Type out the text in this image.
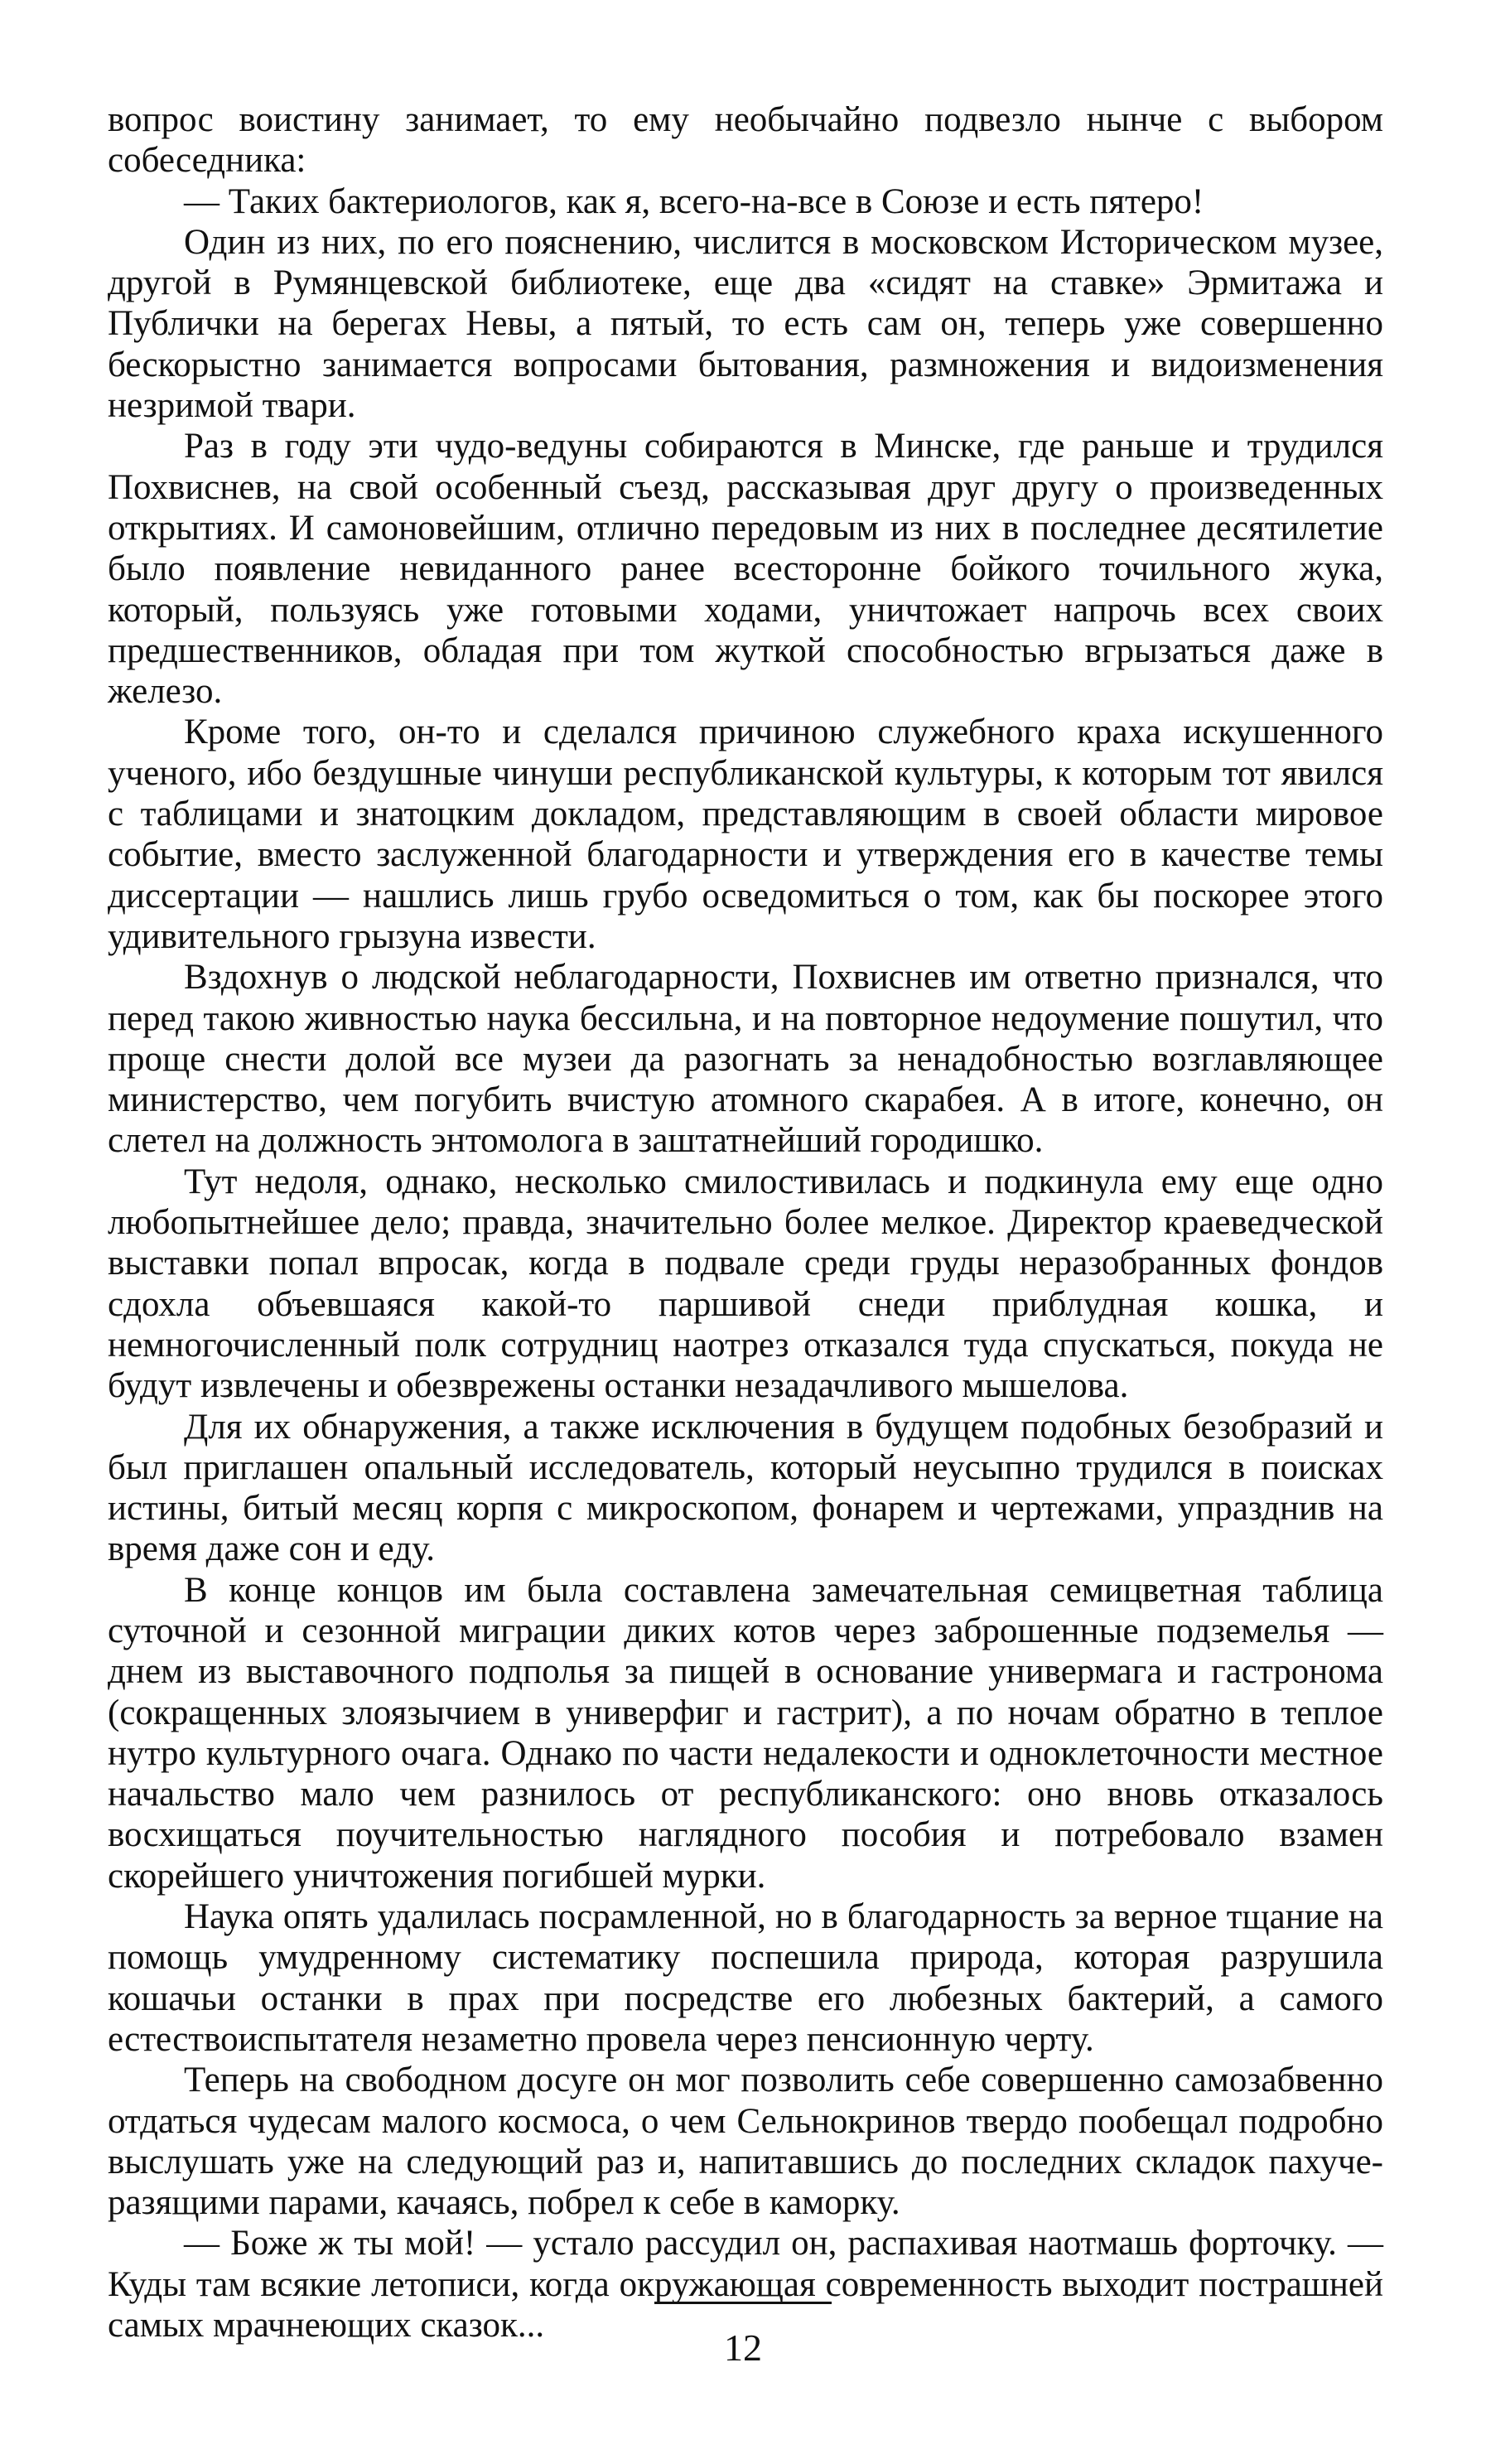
вопрос воистину занимает, то ему необычайно подвезло нынче с выбором собеседника:

— Таких бактериологов, как я, всего-на-все в Союзе и есть пятеро!

Один из них, по его пояснению, числится в московском Историческом музее, другой в Румянцевской библиотеке, еще два «сидят на ставке» Эрмитажа и Публички на берегах Невы, а пятый, то есть сам он, теперь уже совершенно бескорыстно занимается вопросами бытования, размножения и видоизменения незримой твари.

Раз в году эти чудо-ведуны собираются в Минске, где раньше и трудился Похвиснев, на свой особенный съезд, рассказывая друг другу о произведенных открытиях. И самоновейшим, отлично передовым из них в последнее десятилетие было появление невиданного ранее всесторонне бойкого точильного жука, который, пользуясь уже готовыми ходами, уничтожает напрочь всех своих предшественников, обладая при том жуткой способностью вгрызаться даже в железо.

Кроме того, он-то и сделался причиною служебного краха искушенного ученого, ибо бездушные чинуши республиканской культуры, к которым тот явился с таблицами и знатоцким докладом, представляющим в своей области мировое событие, вместо заслуженной благодарности и утверждения его в качестве темы диссертации — нашлись лишь грубо осведомиться о том, как бы поскорее этого удивительного грызуна извести.

Вздохнув о людской неблагодарности, Похвиснев им ответно признался, что перед такою живностью наука бессильна, и на повторное недоумение пошутил, что проще снести долой все музеи да разогнать за ненадобностью возглавляющее министерство, чем погубить вчистую атомного скарабея. А в итоге, конечно, он слетел на должность энтомолога в заштатнейший городишко.

Тут недоля, однако, несколько смилостивилась и подкинула ему еще одно любопытнейшее дело; правда, значительно более мелкое. Директор краеведческой выставки попал впросак, когда в подвале среди груды неразобранных фондов сдохла объевшаяся какой-то паршивой снеди приблудная кошка, и немногочисленный полк сотрудниц наотрез отказался туда спускаться, покуда не будут извлечены и обезврежены останки незадачливого мышелова.

Для их обнаружения, а также исключения в будущем подобных безобразий и был приглашен опальный исследователь, который неусыпно трудился в поисках истины, битый месяц корпя с микроскопом, фонарем и чертежами, упразднив на время даже сон и еду.

В конце концов им была составлена замечательная семицветная таблица суточной и сезонной миграции диких котов через заброшенные подземелья — днем из выставочного подполья за пищей в основание универмага и гастронома (сокращенных злоязычием в универфиг и гастрит), а по ночам обратно в теплое нутро культурного очага. Однако по части недалекости и одноклеточности местное начальство мало чем разнилось от республиканского: оно вновь отказалось восхищаться поучительностью наглядного пособия и потребовало взамен скорейшего уничтожения погибшей мурки.

Наука опять удалилась посрамленной, но в благодарность за верное тщание на помощь умудренному систематику поспешила природа, которая разрушила кошачьи останки в прах при посредстве его любезных бактерий, а самого естествоиспытателя незаметно провела через пенсионную черту.

Теперь на свободном досуге он мог позволить себе совершенно самозабвенно отдаться чудесам малого космоса, о чем Сельнокринов твердо пообещал подробно выслушать уже на следующий раз и, напитавшись до последних складок пахуче-разящими парами, качаясь, побрел к себе в каморку.

— Боже ж ты мой! — устало рассудил он, распахивая наотмашь форточку. — Куды там всякие летописи, когда окружающая современность выходит пострашней самых мрачнеющих сказок...

12
